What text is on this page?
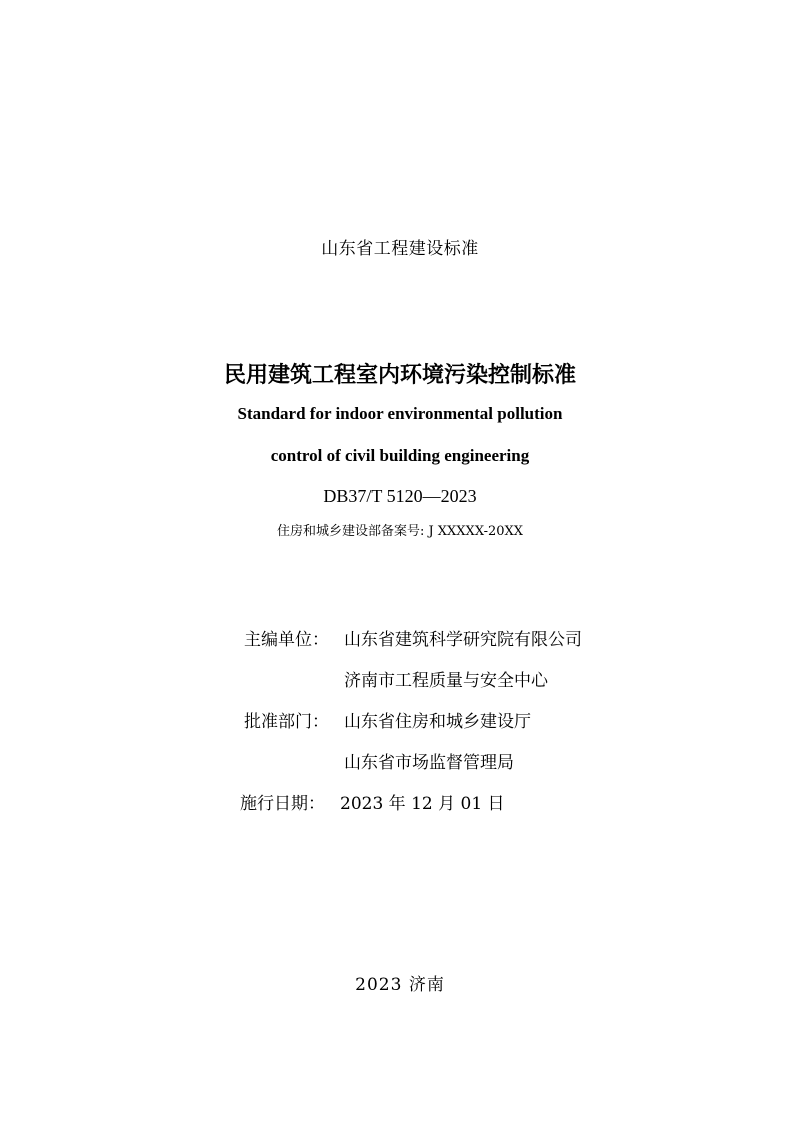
山东省工程建设标准
民用建筑工程室内环境污染控制标准
Standard for indoor environmental pollution
control of civil building engineering
DB37/T 5120—2023
住房和城乡建设部备案号: J XXXXX-20XX
主编单位： 山东省建筑科学研究院有限公司
济南市工程质量与安全中心
批准部门： 山东省住房和城乡建设厅
山东省市场监督管理局
施行日期： 2023 年 12 月 01 日
2023 济南
